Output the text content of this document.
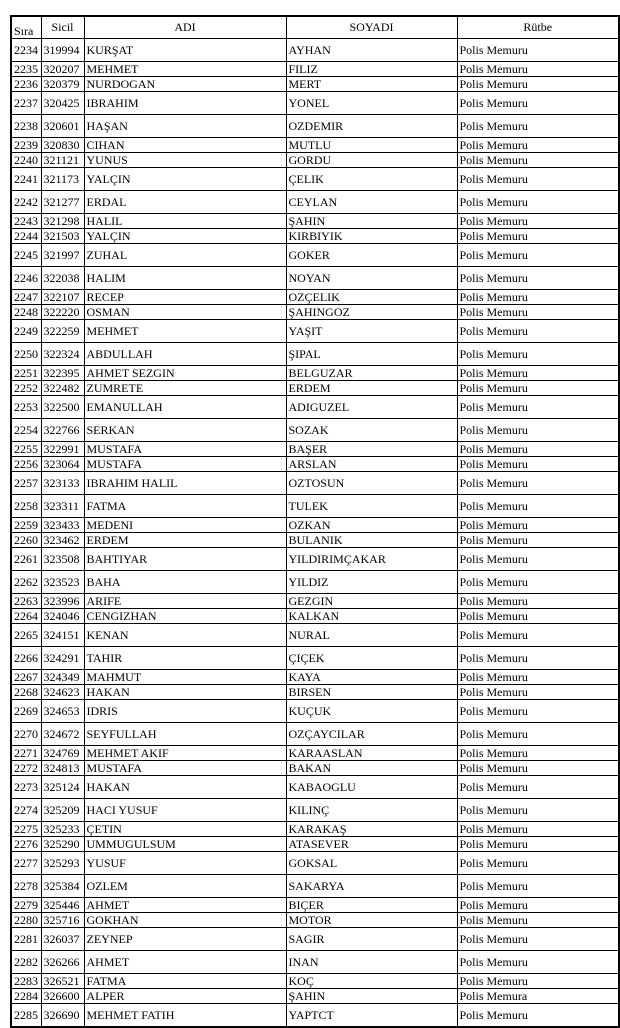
Sıra	Sicil	ADI	SOYADI	Rütbe
2234	319994	KURŞAT	AYHAN	Polis Memuru
2235	320207	MEHMET	FILIZ	Polis Memuru
2236	320379	NURDOGAN	MERT	Polis Memuru
2237	320425	IBRAHIM	YONEL	Polis Memuru
2238	320601	HAŞAN	OZDEMIR	Polis Memuru
2239	320830	CIHAN	MUTLU	Polis Memuru
2240	321121	YUNUS	GORDU	Polis Memuru
2241	321173	YALÇIN	ÇELIK	Polis Memuru
2242	321277	ERDAL	CEYLAN	Polis Memuru
2243	321298	HALIL	ŞAHIN	Polis Memuru
2244	321503	YALÇIN	KIRBIYIK	Polis Memuru
2245	321997	ZUHAL	GOKER	Polis Memuru
2246	322038	HALIM	NOYAN	Polis Memuru
2247	322107	RECEP	OZÇELIK	Polis Memuru
2248	322220	OSMAN	ŞAHINGOZ	Polis Memuru
2249	322259	MEHMET	YAŞIT	Polis Memuru
2250	322324	ABDULLAH	ŞIPAL	Polis Memuru
2251	322395	AHMET SEZGIN	BELGUZAR	Polis Memuru
2252	322482	ZUMRETE	ERDEM	Polis Memuru
2253	322500	EMANULLAH	ADIGUZEL	Polis Memuru
2254	322766	SERKAN	SOZAK	Polis Memuru
2255	322991	MUSTAFA	BAŞER	Polis Memuru
2256	323064	MUSTAFA	ARSLAN	Polis Memuru
2257	323133	IBRAHIM HALIL	OZTOSUN	Polis Memuru
2258	323311	FATMA	TULEK	Polis Memuru
2259	323433	MEDENI	OZKAN	Polis Memuru
2260	323462	ERDEM	BULANIK	Polis Memuru
2261	323508	BAHTIYAR	YILDIRIMÇAKAR	Polis Memuru
2262	323523	BAHA	YILDIZ	Polis Memuru
2263	323996	ARIFE	GEZGIN	Polis Memuru
2264	324046	CENGIZHAN	KALKAN	Polis Memuru
2265	324151	KENAN	NURAL	Polis Memuru
2266	324291	TAHIR	ÇIÇEK	Polis Memuru
2267	324349	MAHMUT	KAYA	Polis Memuru
2268	324623	HAKAN	BIRSEN	Polis Memuru
2269	324653	IDRIS	KUÇUK	Polis Memuru
2270	324672	SEYFULLAH	OZÇAYCILAR	Polis Memuru
2271	324769	MEHMET AKIF	KARAASLAN	Polis Memuru
2272	324813	MUSTAFA	BAKAN	Polis Memuru
2273	325124	HAKAN	KABAOGLU	Polis Memuru
2274	325209	HACI YUSUF	KILINÇ	Polis Memuru
2275	325233	ÇETIN	KARAKAŞ	Polis Memuru
2276	325290	UMMUGULSUM	ATASEVER	Polis Memuru
2277	325293	YUSUF	GOKSAL	Polis Memuru
2278	325384	OZLEM	SAKARYA	Polis Memuru
2279	325446	AHMET	BIÇER	Polis Memuru
2280	325716	GOKHAN	MOTOR	Polis Memuru
2281	326037	ZEYNEP	SAGIR	Polis Memuru
2282	326266	AHMET	INAN	Polis Memuru
2283	326521	FATMA	KOÇ	Polis Memuru
2284	326600	ALPER	ŞAHIN	Polis Memura
2285	326690	MEHMET FATIH	YAPTCT	Polis Memuru
